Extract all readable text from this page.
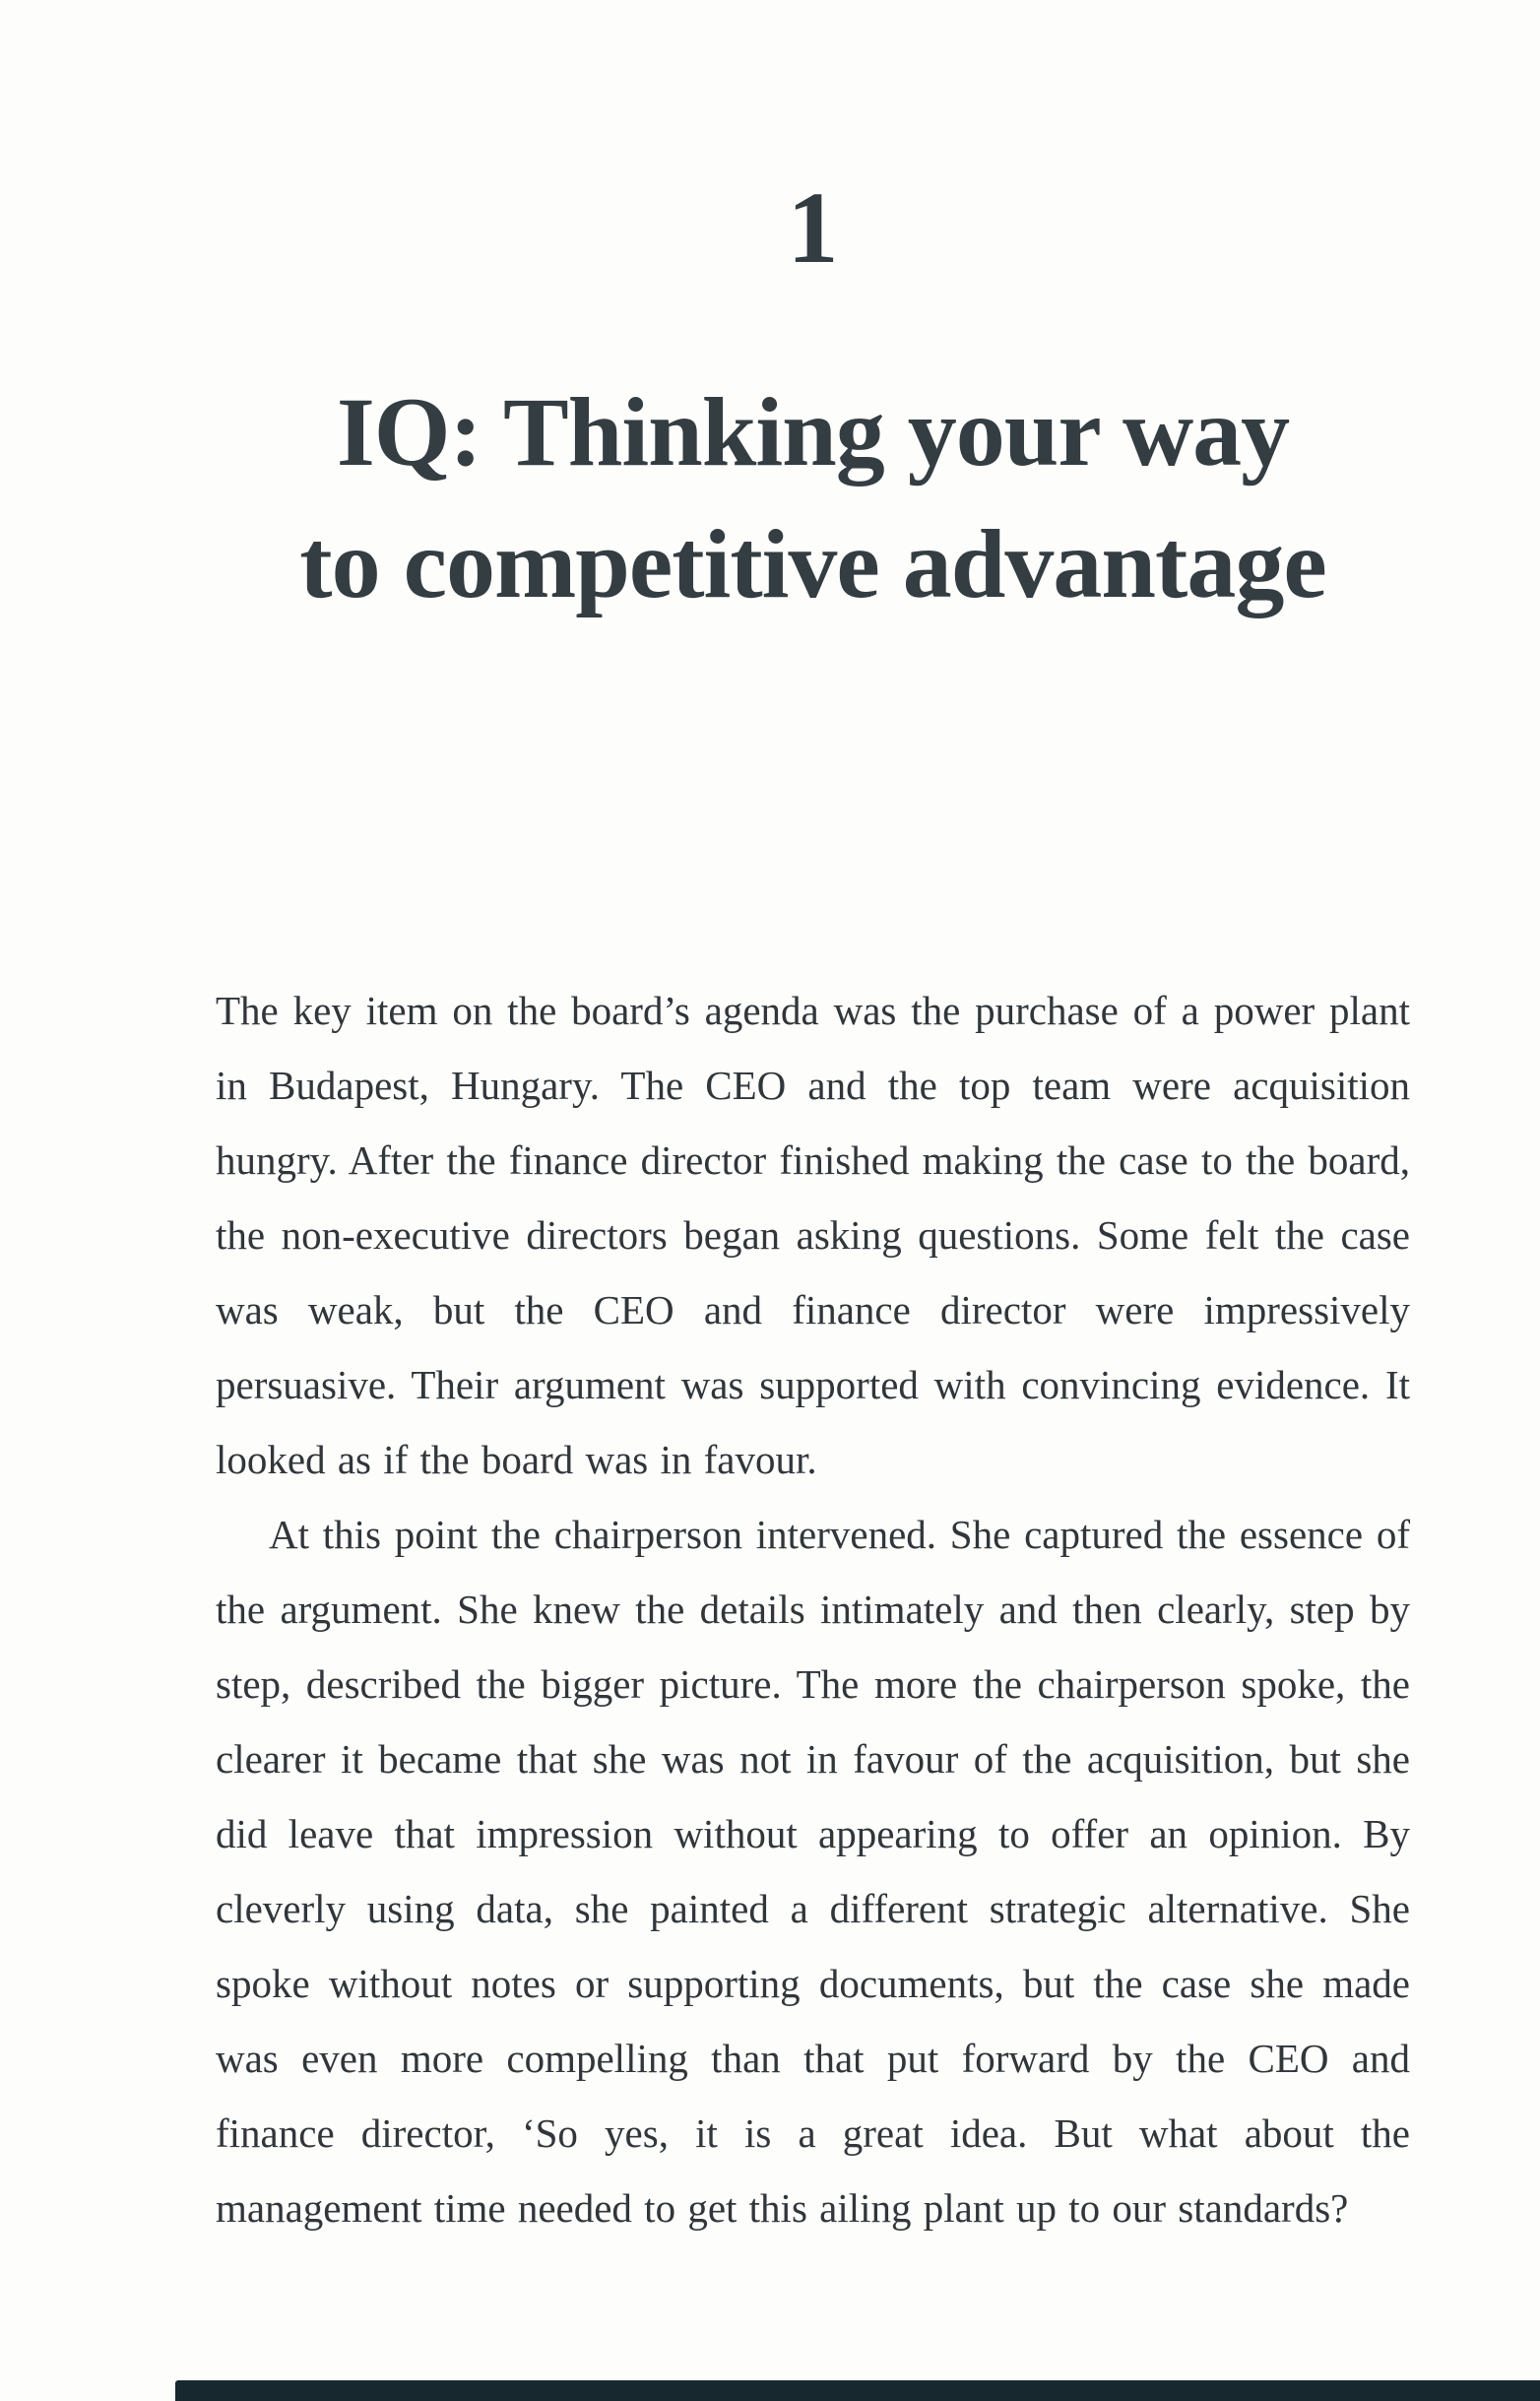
1
IQ: Thinking your way
to competitive advantage

The key item on the board’s agenda was the purchase of a power plant in Budapest, Hungary. The CEO and the top team were acquisition hungry. After the finance director finished making the case to the board, the non-executive directors began asking questions. Some felt the case was weak, but the CEO and finance director were impressively persuasive. Their argument was supported with convincing evidence. It looked as if the board was in favour.

At this point the chairperson intervened. She captured the essence of the argument. She knew the details intimately and then clearly, step by step, described the bigger picture. The more the chairperson spoke, the clearer it became that she was not in favour of the acquisition, but she did leave that impression without appearing to offer an opinion. By cleverly using data, she painted a different strategic alternative. She spoke without notes or supporting documents, but the case she made was even more compelling than that put forward by the CEO and finance director, ‘So yes, it is a great idea. But what about the management time needed to get this ailing plant up to our standards?
